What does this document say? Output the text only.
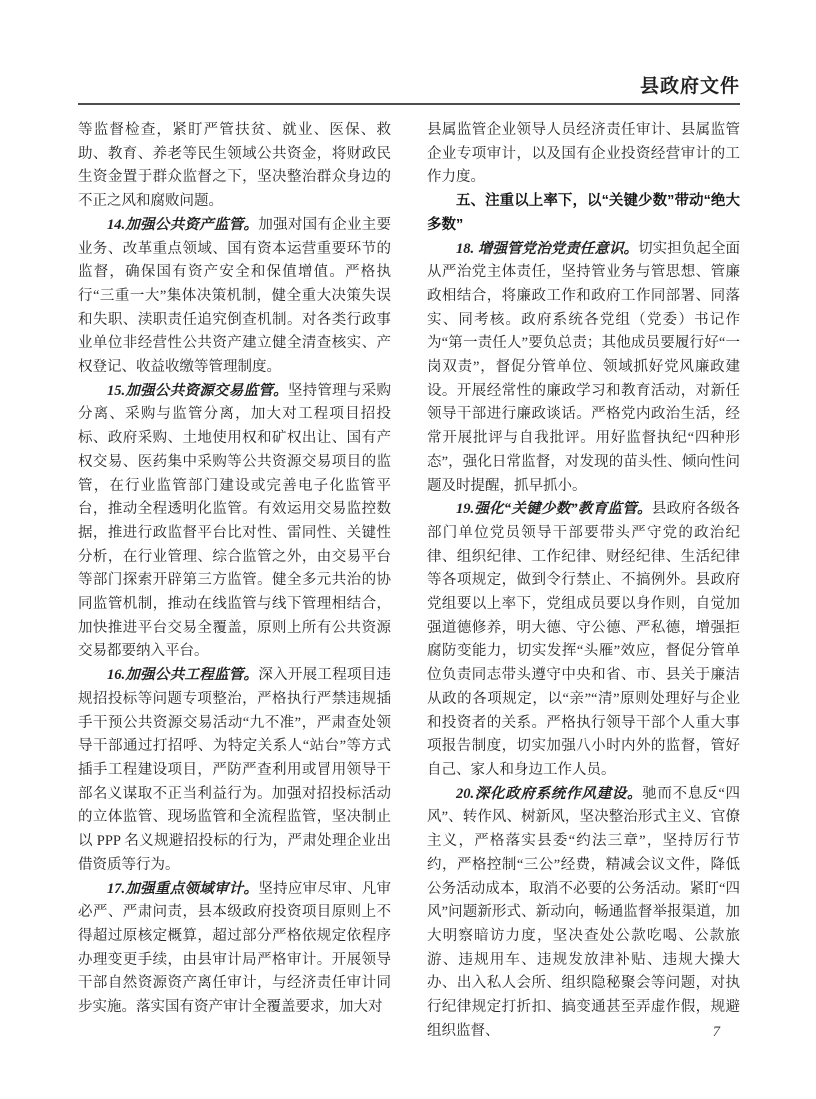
县政府文件

等监督检查，紧盯严管扶贫、就业、医保、救助、教育、养老等民生领域公共资金，将财政民生资金置于群众监督之下，坚决整治群众身边的不正之风和腐败问题。

14.加强公共资产监管。加强对国有企业主要业务、改革重点领域、国有资本运营重要环节的监督，确保国有资产安全和保值增值。严格执行“三重一大”集体决策机制，健全重大决策失误和失职、渎职责任追究倒查机制。对各类行政事业单位非经营性公共资产建立健全清查核实、产权登记、收益收缴等管理制度。

15.加强公共资源交易监管。坚持管理与采购分离、采购与监管分离，加大对工程项目招投标、政府采购、土地使用权和矿权出让、国有产权交易、医药集中采购等公共资源交易项目的监管，在行业监管部门建设或完善电子化监管平台，推动全程透明化监管。有效运用交易监控数据，推进行政监督平台比对性、雷同性、关键性分析，在行业管理、综合监管之外，由交易平台等部门探索开辟第三方监管。健全多元共治的协同监管机制，推动在线监管与线下管理相结合，加快推进平台交易全覆盖，原则上所有公共资源交易都要纳入平台。

16.加强公共工程监管。深入开展工程项目违规招投标等问题专项整治，严格执行严禁违规插手干预公共资源交易活动“九不准”，严肃查处领导干部通过打招呼、为特定关系人“站台”等方式插手工程建设项目，严防严查利用或冒用领导干部名义谋取不正当利益行为。加强对招投标活动的立体监管、现场监管和全流程监管，坚决制止以 PPP 名义规避招投标的行为，严肃处理企业出借资质等行为。

17.加强重点领域审计。坚持应审尽审、凡审必严、严肃问责，县本级政府投资项目原则上不得超过原核定概算，超过部分严格依规定依程序办理变更手续，由县审计局严格审计。开展领导干部自然资源资产离任审计，与经济责任审计同步实施。落实国有资产审计全覆盖要求，加大对

县属监管企业领导人员经济责任审计、县属监管企业专项审计，以及国有企业投资经营审计的工作力度。

五、注重以上率下，以“关键少数”带动“绝大多数”

18. 增强管党治党责任意识。切实担负起全面从严治党主体责任，坚持管业务与管思想、管廉政相结合，将廉政工作和政府工作同部署、同落实、同考核。政府系统各党组（党委）书记作为“第一责任人”要负总责；其他成员要履行好“一岗双责”，督促分管单位、领域抓好党风廉政建设。开展经常性的廉政学习和教育活动，对新任领导干部进行廉政谈话。严格党内政治生活，经常开展批评与自我批评。用好监督执纪“四种形态”，强化日常监督，对发现的苗头性、倾向性问题及时提醒，抓早抓小。

19.强化“关键少数”教育监管。县政府各级各部门单位党员领导干部要带头严守党的政治纪律、组织纪律、工作纪律、财经纪律、生活纪律等各项规定，做到令行禁止、不搞例外。县政府党组要以上率下，党组成员要以身作则，自觉加强道德修养，明大德、守公德、严私德，增强拒腐防变能力，切实发挥“头雁”效应，督促分管单位负责同志带头遵守中央和省、市、县关于廉洁从政的各项规定，以“亲”“清”原则处理好与企业和投资者的关系。严格执行领导干部个人重大事项报告制度，切实加强八小时内外的监督，管好自己、家人和身边工作人员。

20.深化政府系统作风建设。驰而不息反“四风”、转作风、树新风，坚决整治形式主义、官僚主义，严格落实县委“约法三章”，坚持厉行节约，严格控制“三公”经费，精减会议文件，降低公务活动成本，取消不必要的公务活动。紧盯“四风”问题新形式、新动向，畅通监督举报渠道，加大明察暗访力度，坚决查处公款吃喝、公款旅游、违规用车、违规发放津补贴、违规大操大办、出入私人会所、组织隐秘聚会等问题，对执行纪律规定打折扣、搞变通甚至弄虚作假，规避组织监督、	7
